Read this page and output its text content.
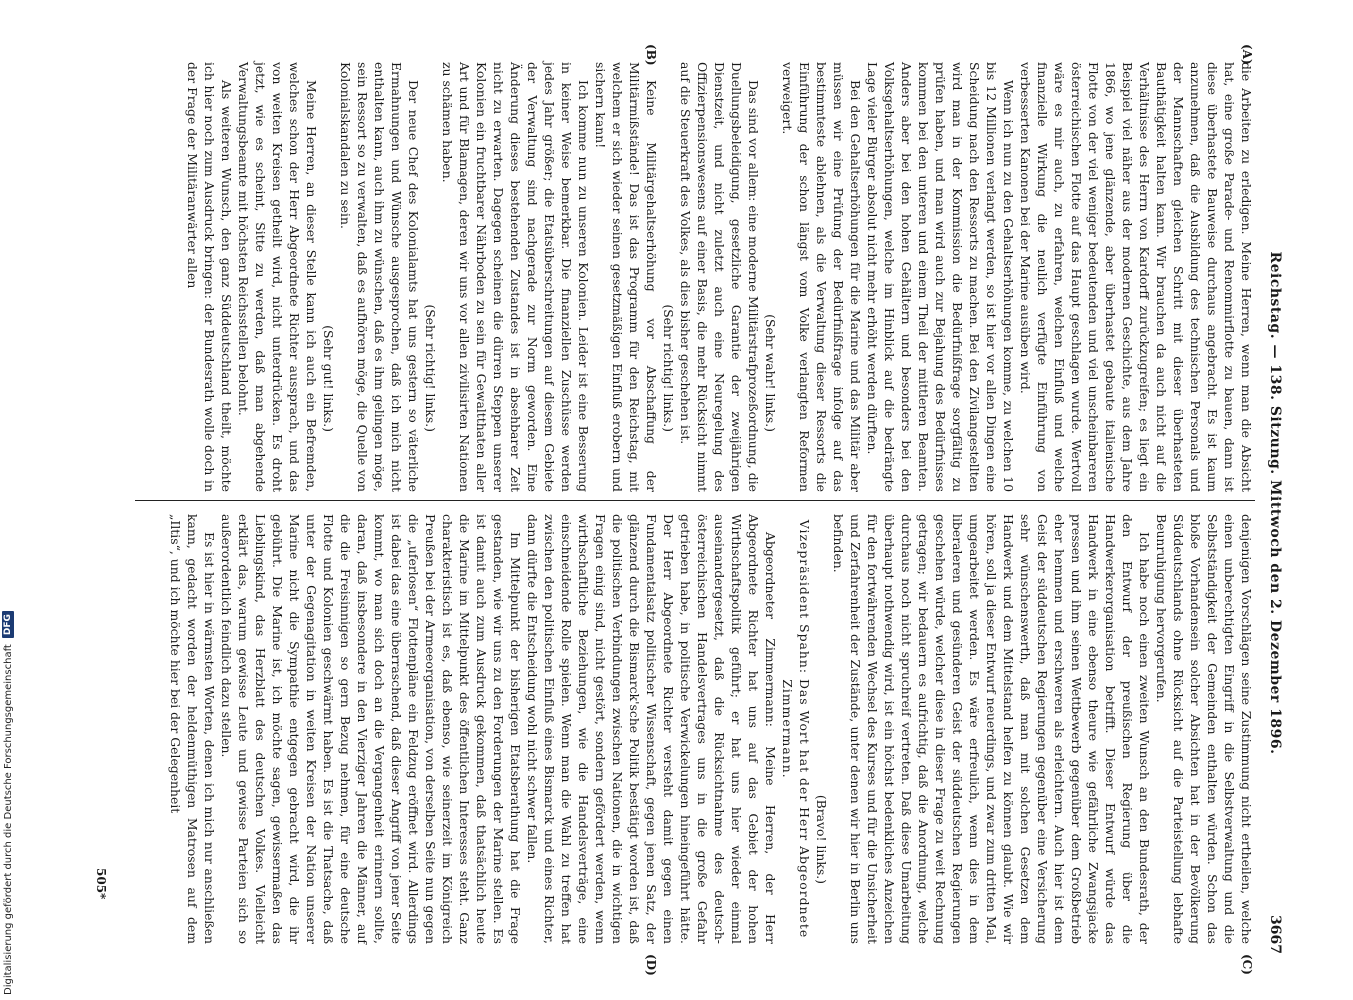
Reichstag. — 138. Sitzung. Mittwoch den 2. Dezember 1896.
3667
(A)
(B)
(C)
(D)

die Arbeiten zu erledigen. Meine Herren, wenn man die Absicht hat, eine große Parade- und Renommirflotte zu bauen, dann ist diese überhastete Bauweise durchaus angebracht. Es ist kaum anzunehmen, daß die Ausbildung des technischen Personals und der Mannschaften gleichen Schritt mit dieser überhasteten Bauthätigkeit halten kann. Wir brauchen da auch nicht auf die Verhältnisse des Herrn von Kardorff zurückzugreifen; es liegt ein Beispiel viel näher aus der modernen Geschichte, aus dem Jahre 1866, wo jene glänzende, aber überhastet gebaute italienische Flotte von der viel weniger bedeutenden und viel unscheinbareren österreichischen Flotte auf das Haupt geschlagen wurde. Wertvoll wäre es mir auch, zu erfahren, welchen Einfluß und welche finanzielle Wirkung die neulich verfügte Einführung von verbesserten Kanonen bei der Marine ausüben wird.

Wenn ich nun zu den Gehaltserhöhungen komme, zu welchen 10 bis 12 Millionen verlangt werden, so ist hier vor allen Dingen eine Scheidung nach den Ressorts zu machen. Bei den Zivilangestellten wird man in der Kommission die Bedürfnißfrage sorgfältig zu prüfen haben, und man wird auch zur Bejahung des Bedürfnisses kommen bei den unteren und einem Theil der mittleren Beamten. Anders aber bei den hohen Gehältern und besonders bei den Volksgehaltserhöhungen, welche im Hinblick auf die bedrängte Lage vieler Bürger absolut nicht mehr erhöht werden dürften.

Bei den Gehaltserhöhungen für die Marine und das Militär aber müssen wir eine Prüfung der Bedürfnißfrage infolge auf das bestimmteste ablehnen, als die Verwaltung dieser Ressorts die Einführung der schon längst vom Volke verlangten Reformen verweigert.

(Sehr wahr! links.)

Das sind vor allem: eine moderne Militärstrafprozeßordnung, die Duellungsbeleidigung, gesetzliche Garantie der zweijährigen Dienstzeit, und nicht zuletzt auch eine Neuregelung des Offizierpensionswesens auf einer Basis, die mehr Rücksicht nimmt auf die Steuerkraft des Volkes, als dies bisher geschehen ist.

(Sehr richtig! links.)

Keine Militärgehaltserhöhung vor Abschaffung der Militärmißstände! Das ist das Programm für den Reichstag, mit welchem er sich wieder seinen gesetzmäßigen Einfluß erobern und sichern kann!

Ich komme nun zu unseren Kolonien. Leider ist eine Besserung in keiner Weise bemerkbar. Die finanziellen Zuschüsse werden jedes Jahr größer; die Etatsüberschreitungen auf diesem Gebiete der Verwaltung sind nachgerade zur Norm geworden. Eine Änderung dieses bestehenden Zustandes ist in absehbarer Zeit nicht zu erwarten. Dagegen scheinen die dürren Steppen unserer Kolonien ein fruchtbarer Nährboden zu sein für Gewaltthaten aller Art und für Blamagen, deren wir uns vor allen zivilisirten Nationen zu schämen haben.

(Sehr richtig! links.)

Der neue Chef des Kolonialamts hat uns gestern so väterliche Ermahnungen und Wünsche ausgesprochen, daß ich mich nicht enthalten kann, auch ihm zu wünschen, daß es ihm gelingen möge, sein Ressort so zu verwalten, daß es aufhören möge, die Quelle von Kolonialskandalen zu sein.

(Sehr gut! links.)

Meine Herren, an dieser Stelle kann ich auch ein Befremden, welches schon der Herr Abgeordnete Richter aussprach, und das von weiten Kreisen getheilt wird, nicht unterdrücken. Es droht jetzt, wie es scheint, Sitte zu werden, daß man abgehende Verwaltungsbeamte mit höchsten Reichsstellen belohnt.

Als weiteren Wunsch, den ganz Süddeutschland theilt, möchte ich hier noch zum Ausdruck bringen: der Bundesrath wolle doch in der Frage der Militäranwärter allen

denjenigen Vorschlägen seine Zustimmung nicht ertheilen, welche einen unberechtigten Eingriff in die Selbstverwaltung und die Selbstständigkeit der Gemeinden enthalten würden. Schon das bloße Vorhandensein solcher Absichten hat in der Bevölkerung Süddeutschlands ohne Rücksicht auf die Parteistellung lebhafte Beunruhigung hervorgerufen.

Ich habe noch einen zweiten Wunsch an den Bundesrath, der den Entwurf der preußischen Regierung über die Handwerkerorganisation betrifft. Dieser Entwurf würde das Handwerk in eine ebenso theure wie gefährliche Zwangsjacke pressen und ihm seinen Wettbewerb gegenüber dem Großbetrieb eher hemmen und erschweren als erleichtern. Auch hier ist dem Geist der süddeutschen Regierungen gegenüber eine Versicherung sehr wünschenswerth, daß man mit solchen Gesetzen dem Handwerk und dem Mittelstand helfen zu können glaubt. Wie wir hören, soll ja dieser Entwurf neuerdings, und zwar zum dritten Mal, umgearbeitet werden. Es wäre erfreulich, wenn dies in dem liberaleren und gesünderen Geist der süddeutschen Regierungen geschehen würde, welcher diese in dieser Frage zu weit Rechnung getragen; wir bedauern es aufrichtig, daß die Anordnung, welche durchaus noch nicht spruchreif vertreten. Daß diese Umarbeitung überhaupt nothwendig wird, ist ein höchst bedenkliches Anzeichen für den fortwährenden Wechsel des Kurses und für die Unsicherheit und Zerfahrenheit der Zustände, unter denen wir hier in Berlin uns befinden.

(Bravo! links.)

Vizepräsident Spahn: Das Wort hat der Herr Abgeordnete Zimmermann.

Abgeordneter Zimmermann: Meine Herren, der Herr Abgeordnete Richter hat uns auf das Gebiet der hohen Wirthschaftspolitik geführt; er hat uns hier wieder einmal auseinandergesetzt, daß die Rücksichtnahme des deutsch-österreichischen Handelsvertrages uns in die große Gefahr getrieben habe, in politische Verwickelungen hineingeführt hätte. Der Herr Abgeordnete Richter versteht damit gegen einen Fundamentalsatz politischer Wissenschaft, gegen jenen Satz, der glänzend durch die Bismarck'sche Politik bestätigt worden ist, daß die politischen Verbindungen zwischen Nationen, die in wichtigen Fragen einig sind, nicht gestört, sondern gefördert werden, wenn wirthschaftliche Beziehungen, wie die Handelsverträge, eine einschneidende Rolle spielen. Wenn man die Wahl zu treffen hat zwischen den politischen Einfluß eines Bismarck und eines Richter, dann dürfte die Entscheidung wohl nicht schwer fallen.

Im Mittelpunkt der bisherigen Etatsberathung hat die Frage gestanden, wie wir uns zu den Forderungen der Marine stellen. Es ist damit auch zum Ausdruck gekommen, daß thatsächlich heute die Marine im Mittelpunkt des öffentlichen Interesses steht. Ganz charakteristisch ist es, daß ebenso, wie seinerzeit im Königreich Preußen bei der Armeeorganisation, von derselben Seite nun gegen die „uferlosen“ Flottenpläne ein Feldzug eröffnet wird. Allerdings ist dabei das eine überraschend, daß dieser Angriff von jener Seite kommt, wo man sich doch an die Vergangenheit erinnern sollte, daran, daß insbesondere in den Vierziger Jahren die Männer, auf die die Freisinnigen so gern Bezug nehmen, für eine deutsche Flotte und Kolonien geschwärmt haben. Es ist die Thatsache, daß unter der Gegenagitation in weiten Kreisen der Nation unserer Marine nicht die Sympathie entgegen gebracht wird, die ihr gebührt. Die Marine ist, ich möchte sagen, gewissermaßen das Lieblingskind, das Herzblatt des deutschen Volkes. Vielleicht erklärt das, warum gewisse Leute und gewisse Parteien sich so außerordentlich feindlich dazu stellen.

Es ist hier in wärmsten Worten, denen ich mich nur anschließen kann, gedacht worden der heldenmüthigen Matrosen auf dem „Iltis“, und ich möchte hier bei der Gelegenheit

505*
Digitalisierung gefördert durch die Deutsche Forschungsgemeinschaft
DFG
